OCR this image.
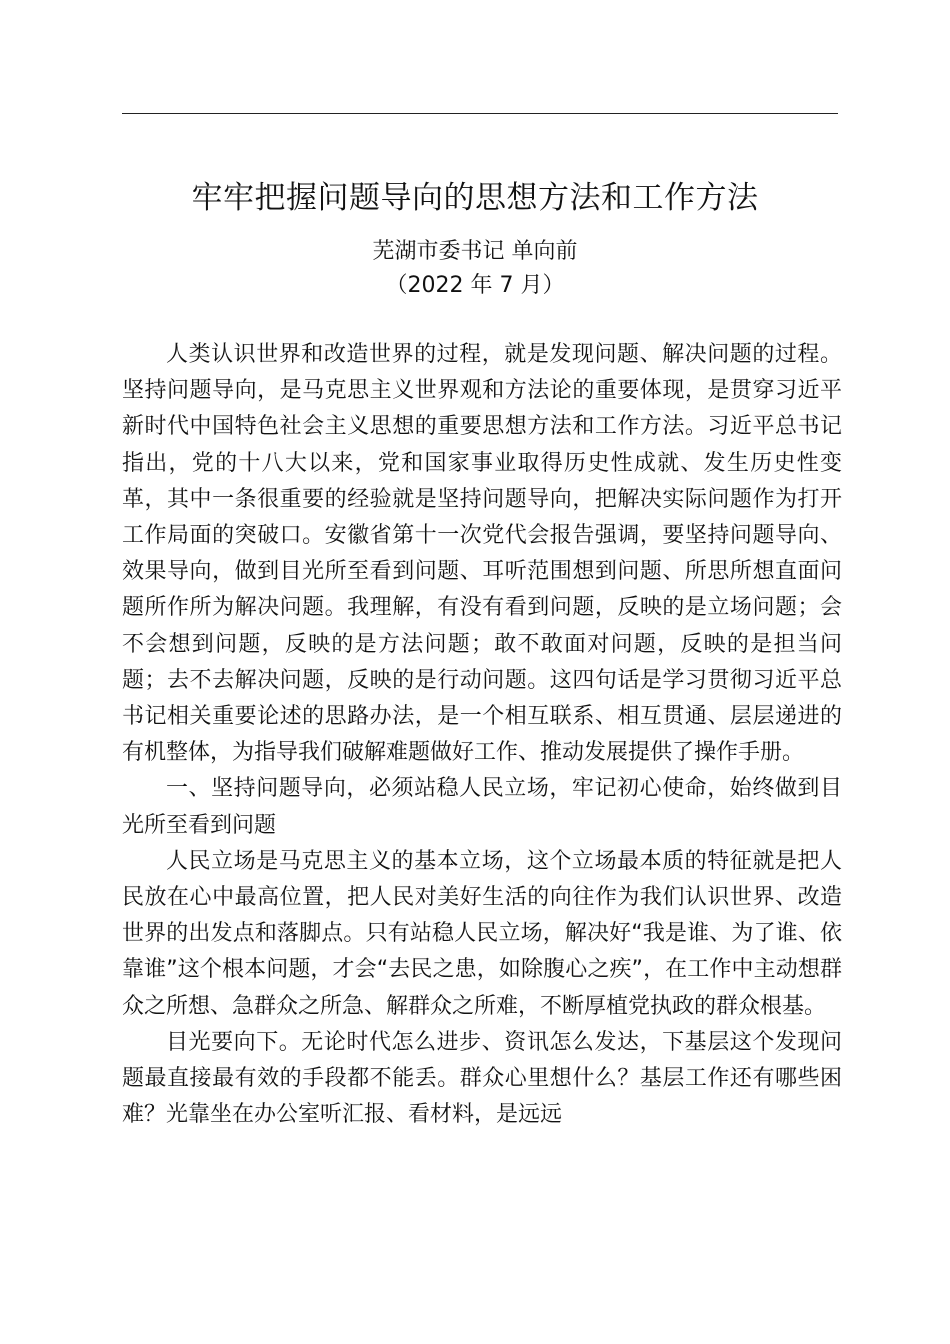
牢牢把握问题导向的思想方法和工作方法
芜湖市委书记 单向前
（2022 年 7 月）

人类认识世界和改造世界的过程，就是发现问题、解决问题的过程。坚持问题导向，是马克思主义世界观和方法论的重要体现，是贯穿习近平新时代中国特色社会主义思想的重要思想方法和工作方法。习近平总书记指出，党的十八大以来，党和国家事业取得历史性成就、发生历史性变革，其中一条很重要的经验就是坚持问题导向，把解决实际问题作为打开工作局面的突破口。安徽省第十一次党代会报告强调，要坚持问题导向、效果导向，做到目光所至看到问题、耳听范围想到问题、所思所想直面问题所作所为解决问题。我理解，有没有看到问题，反映的是立场问题；会不会想到问题，反映的是方法问题；敢不敢面对问题，反映的是担当问题；去不去解决问题，反映的是行动问题。这四句话是学习贯彻习近平总书记相关重要论述的思路办法，是一个相互联系、相互贯通、层层递进的有机整体，为指导我们破解难题做好工作、推动发展提供了操作手册。

一、坚持问题导向，必须站稳人民立场，牢记初心使命，始终做到目光所至看到问题

人民立场是马克思主义的基本立场，这个立场最本质的特征就是把人民放在心中最高位置，把人民对美好生活的向往作为我们认识世界、改造世界的出发点和落脚点。只有站稳人民立场，解决好“我是谁、为了谁、依靠谁”这个根本问题，才会“去民之患，如除腹心之疾”，在工作中主动想群众之所想、急群众之所急、解群众之所难，不断厚植党执政的群众根基。

目光要向下。无论时代怎么进步、资讯怎么发达，下基层这个发现问题最直接最有效的手段都不能丢。群众心里想什么？基层工作还有哪些困难？光靠坐在办公室听汇报、看材料，是远远
